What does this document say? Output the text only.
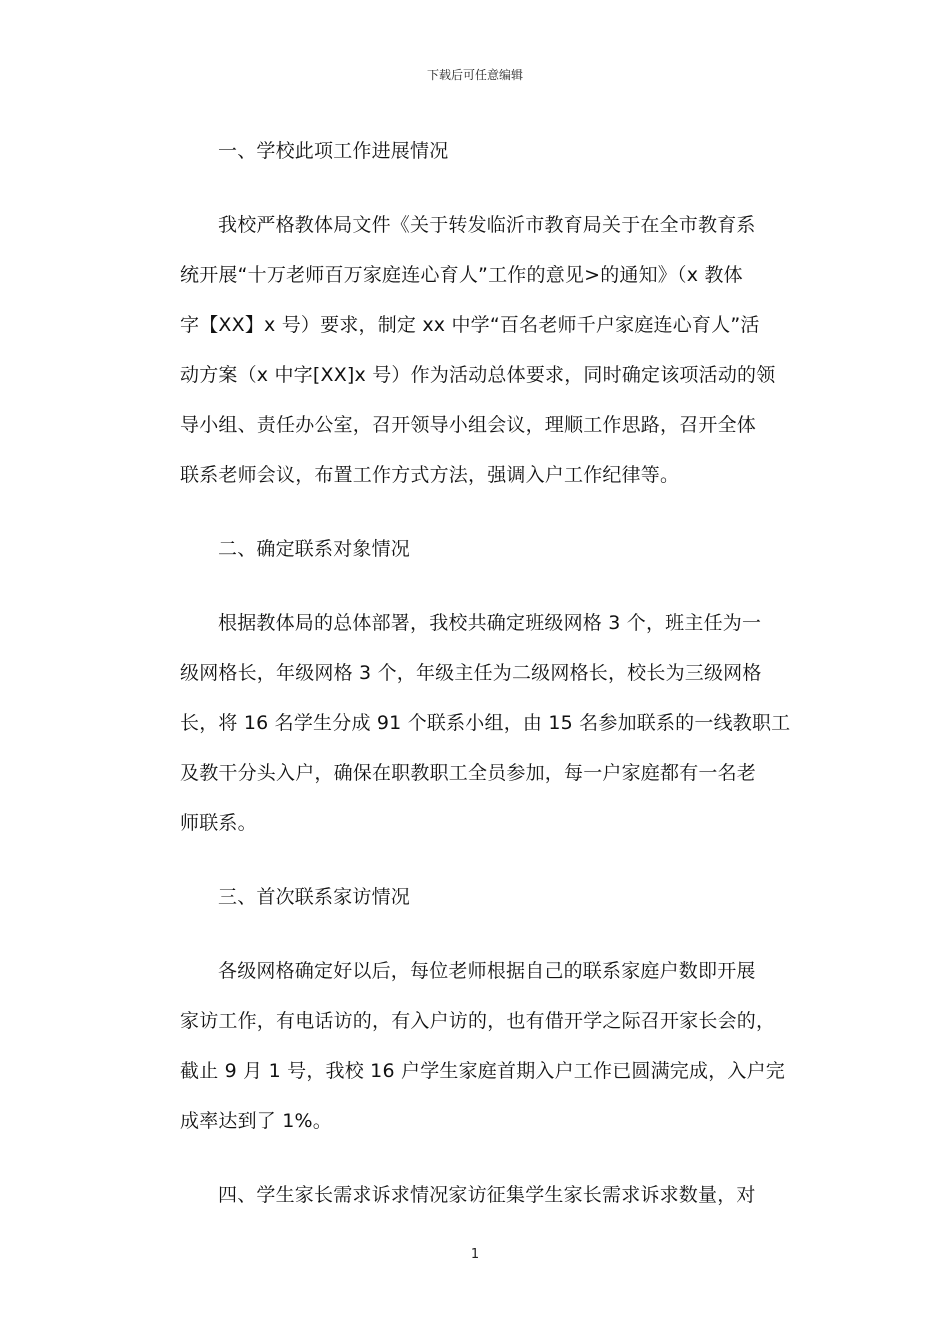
下载后可任意编辑
一、学校此项工作进展情况
我校严格教体局文件《关于转发临沂市教育局关于在全市教育系
统开展“十万老师百万家庭连心育人”工作的意见>的通知》（x 教体
字【XX】x 号）要求，制定 xx 中学“百名老师千户家庭连心育人”活
动方案（x 中字[XX]x 号）作为活动总体要求，同时确定该项活动的领
导小组、责任办公室，召开领导小组会议，理顺工作思路，召开全体
联系老师会议，布置工作方式方法，强调入户工作纪律等。
二、确定联系对象情况
根据教体局的总体部署，我校共确定班级网格 3 个，班主任为一
级网格长，年级网格 3 个，年级主任为二级网格长，校长为三级网格
长，将 16 名学生分成 91 个联系小组，由 15 名参加联系的一线教职工
及教干分头入户，确保在职教职工全员参加，每一户家庭都有一名老
师联系。
三、首次联系家访情况
各级网格确定好以后，每位老师根据自己的联系家庭户数即开展
家访工作，有电话访的，有入户访的，也有借开学之际召开家长会的，
截止 9 月 1 号，我校 16 户学生家庭首期入户工作已圆满完成，入户完
成率达到了 1%。
四、学生家长需求诉求情况家访征集学生家长需求诉求数量，对
1
